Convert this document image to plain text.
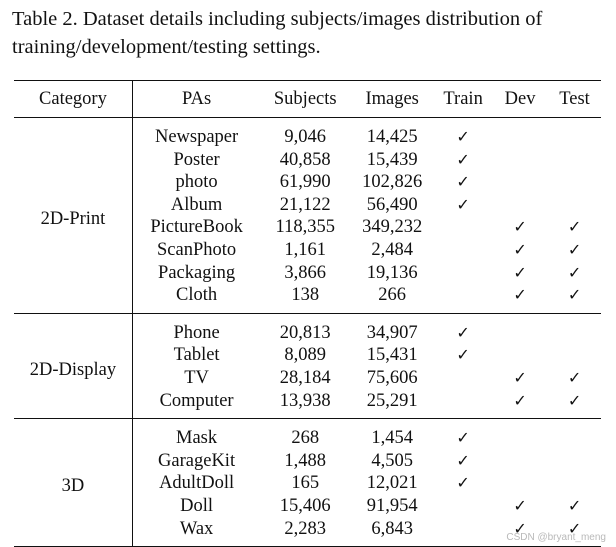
Table 2. Dataset details including subjects/images distribution of training/development/testing settings.
Category	PAs	Subjects	Images	Train	Dev	Test
2D-Print	Newspaper	9,046	14,425	✓		
	Poster	40,858	15,439	✓		
	photo	61,990	102,826	✓		
	Album	21,122	56,490	✓		
	PictureBook	118,355	349,232		✓	✓
	ScanPhoto	1,161	2,484		✓	✓
	Packaging	3,866	19,136		✓	✓
	Cloth	138	266		✓	✓
2D-Display	Phone	20,813	34,907	✓		
	Tablet	8,089	15,431	✓		
	TV	28,184	75,606		✓	✓
	Computer	13,938	25,291		✓	✓
3D	Mask	268	1,454	✓		
	GarageKit	1,488	4,505	✓		
	AdultDoll	165	12,021	✓		
	Doll	15,406	91,954		✓	✓
	Wax	2,283	6,843		✓	✓
CSDN @bryant_meng
